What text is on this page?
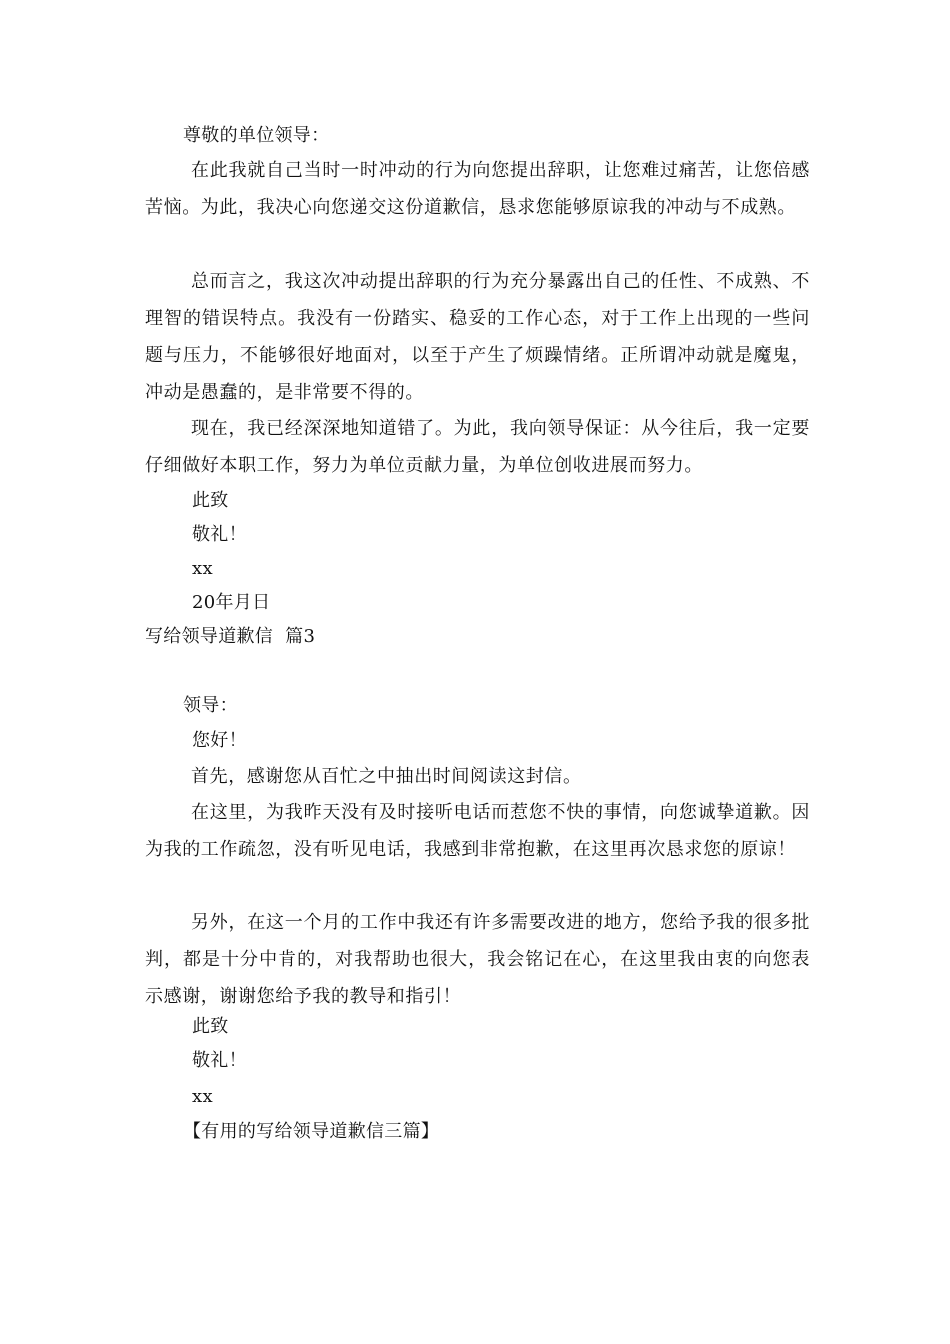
尊敬的单位领导：
在此我就自己当时一时冲动的行为向您提出辞职，让您难过痛苦，让您倍感苦恼。为此，我决心向您递交这份道歉信，恳求您能够原谅我的冲动与不成熟。
总而言之，我这次冲动提出辞职的行为充分暴露出自己的任性、不成熟、不理智的错误特点。我没有一份踏实、稳妥的工作心态，对于工作上出现的一些问题与压力，不能够很好地面对，以至于产生了烦躁情绪。正所谓冲动就是魔鬼，冲动是愚蠢的，是非常要不得的。
现在，我已经深深地知道错了。为此，我向领导保证：从今往后，我一定要仔细做好本职工作，努力为单位贡献力量，为单位创收进展而努力。
此致
敬礼！
xx
20年月日
写给领导道歉信  篇3
领导：
您好！
首先，感谢您从百忙之中抽出时间阅读这封信。
在这里，为我昨天没有及时接听电话而惹您不快的事情，向您诚挚道歉。因为我的工作疏忽，没有听见电话，我感到非常抱歉，在这里再次恳求您的原谅！
另外，在这一个月的工作中我还有许多需要改进的地方，您给予我的很多批判，都是十分中肯的，对我帮助也很大，我会铭记在心，在这里我由衷的向您表示感谢，谢谢您给予我的教导和指引！
此致
敬礼！
xx
【有用的写给领导道歉信三篇】
